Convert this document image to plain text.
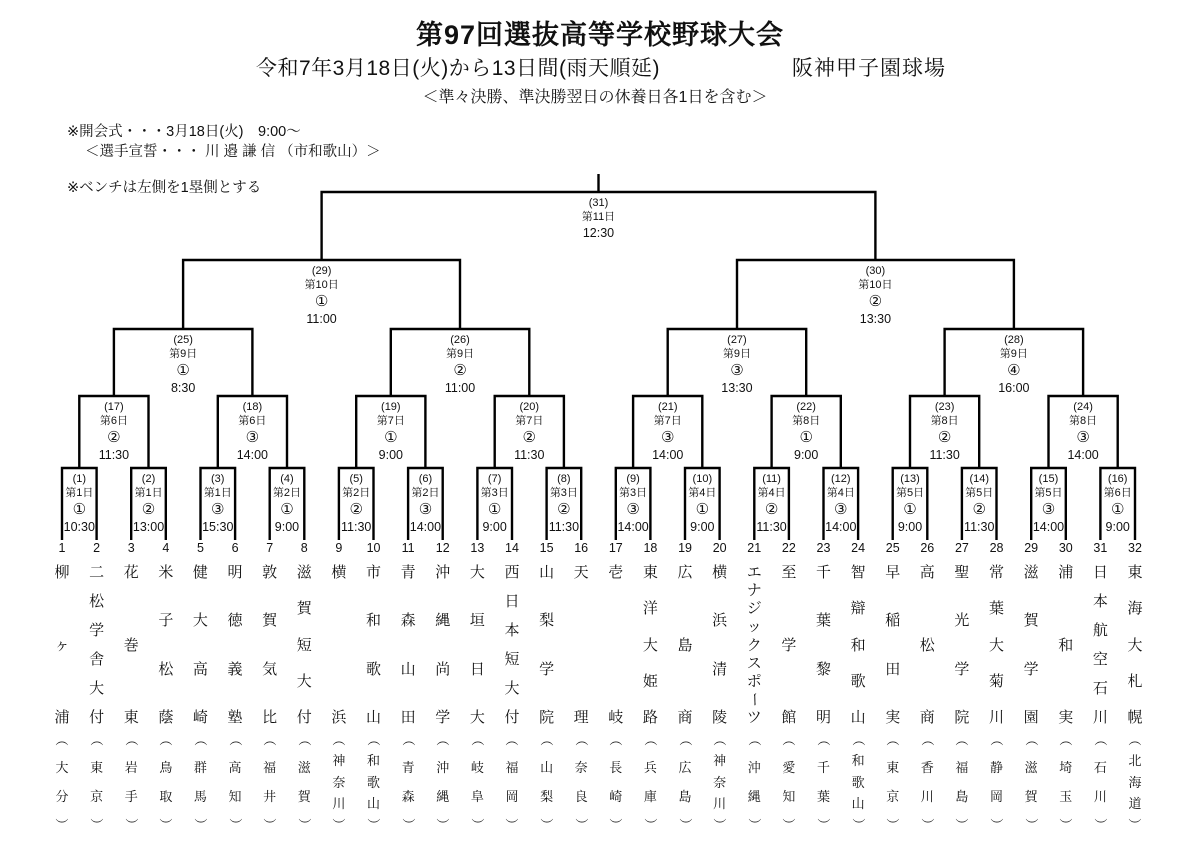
第97回選抜高等学校野球大会
令和7年3月18日(火)から13日間(雨天順延)	阪神甲子園球場
＜準々決勝、準決勝翌日の休養日各1日を含む＞
※開会式・・・3月18日(火)　9:00～
＜選手宣誓・・・ 川 邉 謙 信 （市和歌山）＞
※ベンチは左側を1塁側とする
(1)
第1日
①
10:30
(2)
第1日
②
13:00
(3)
第1日
③
15:30
(4)
第2日
①
9:00
(5)
第2日
②
11:30
(6)
第2日
③
14:00
(7)
第3日
①
9:00
(8)
第3日
②
11:30
(9)
第3日
③
14:00
(10)
第4日
①
9:00
(11)
第4日
②
11:30
(12)
第4日
③
14:00
(13)
第5日
①
9:00
(14)
第5日
②
11:30
(15)
第5日
③
14:00
(16)
第6日
①
9:00
(17)
第6日
②
11:30
(18)
第6日
③
14:00
(19)
第7日
①
9:00
(20)
第7日
②
11:30
(21)
第7日
③
14:00
(22)
第8日
①
9:00
(23)
第8日
②
11:30
(24)
第8日
③
14:00
(25)
第9日
①
8:30
(26)
第9日
②
11:00
(27)
第9日
③
13:30
(28)
第9日
④
16:00
(29)
第10日
①
11:00
(30)
第10日
②
13:30
(31)
第11日
12:30
1
柳
ヶ
浦
（
大
分
）
2
二
松
学
舎
大
付
（
東
京
）
3
花
巻
東
（
岩
手
）
4
米
子
松
蔭
（
鳥
取
）
5
健
大
高
崎
（
群
馬
）
6
明
徳
義
塾
（
高
知
）
7
敦
賀
気
比
（
福
井
）
8
滋
賀
短
大
付
（
滋
賀
）
9
横
浜
（
神
奈
川
）
10
市
和
歌
山
（
和
歌
山
）
11
青
森
山
田
（
青
森
）
12
沖
縄
尚
学
（
沖
縄
）
13
大
垣
日
大
（
岐
阜
）
14
西
日
本
短
大
付
（
福
岡
）
15
山
梨
学
院
（
山
梨
）
16
天
理
（
奈
良
）
17
壱
岐
（
長
崎
）
18
東
洋
大
姫
路
（
兵
庫
）
19
広
島
商
（
広
島
）
20
横
浜
清
陵
（
神
奈
川
）
21
エ
ナ
ジ
ッ
ク
ス
ポ
ー
ツ
（
沖
縄
）
22
至
学
館
（
愛
知
）
23
千
葉
黎
明
（
千
葉
）
24
智
辯
和
歌
山
（
和
歌
山
）
25
早
稲
田
実
（
東
京
）
26
高
松
商
（
香
川
）
27
聖
光
学
院
（
福
島
）
28
常
葉
大
菊
川
（
静
岡
）
29
滋
賀
学
園
（
滋
賀
）
30
浦
和
実
（
埼
玉
）
31
日
本
航
空
石
川
（
石
川
）
32
東
海
大
札
幌
（
北
海
道
）
